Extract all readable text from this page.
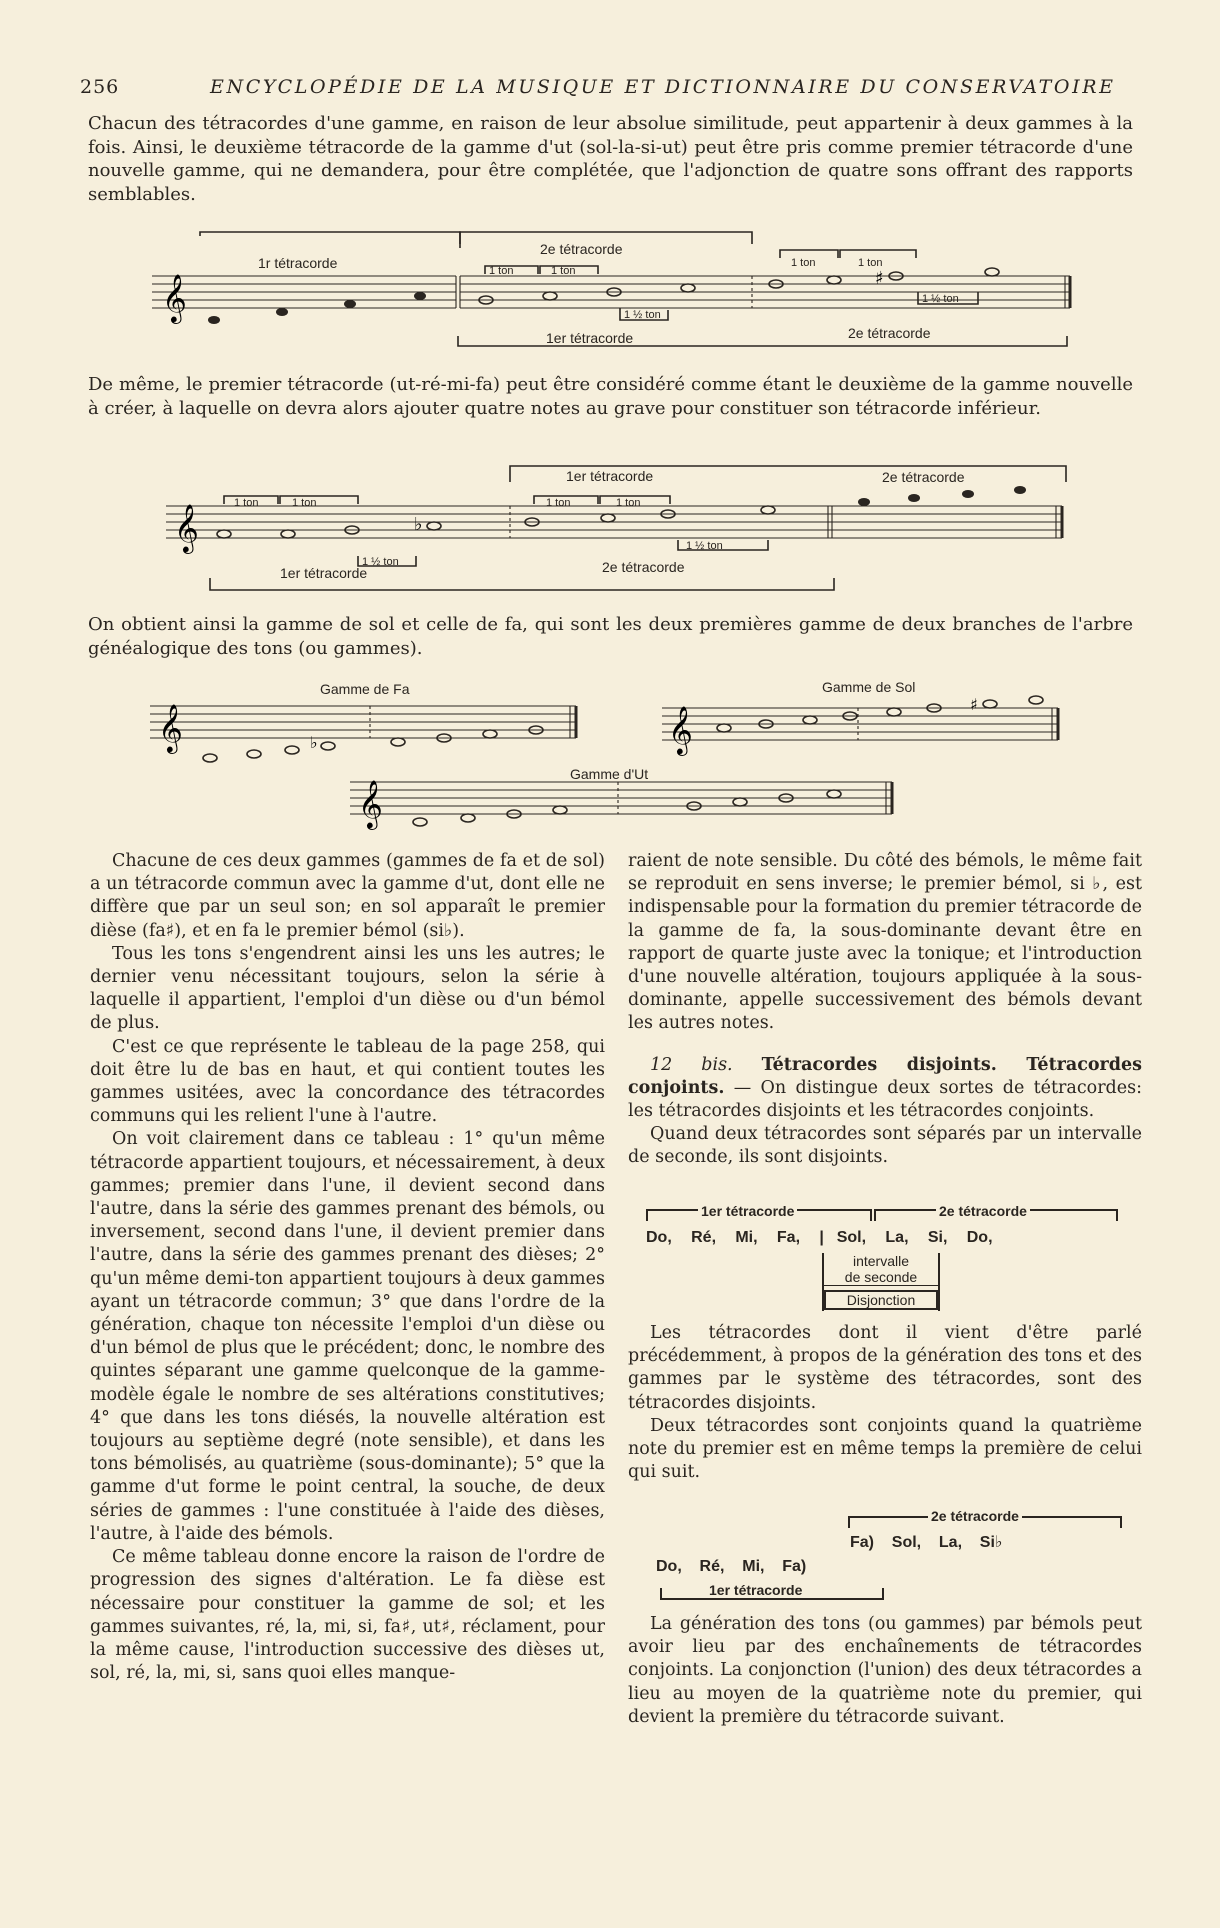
256	ENCYCLOPÉDIE DE LA MUSIQUE ET DICTIONNAIRE DU CONSERVATOIRE
Chacun des tétracordes d'une gamme, en raison de leur absolue similitude, peut appartenir à deux gammes à la fois. Ainsi, le deuxième tétracorde de la gamme d'ut (sol-la-si-ut) peut être pris comme premier tétracorde d'une nouvelle gamme, qui ne demandera, pour être complétée, que l'adjonction de quatre sons offrant des rapports semblables.
1r tétracorde
2e tétracorde
1er tétracorde	2e tétracorde
1 ton	1 ton
1 ton	1 ton
1 ½ ton
1 ½ ton
𝄞	♯
De même, le premier tétracorde (ut-ré-mi-fa) peut être considéré comme étant le deuxième de la gamme nouvelle à créer, à laquelle on devra alors ajouter quatre notes au grave pour constituer son tétracorde inférieur.
1er tétracorde	2e tétracorde
1er tétracorde	2e tétracorde
1 ton	1 ton	1 ton	1 ton
1 ½ ton
1 ½ ton
𝄞	♭
On obtient ainsi la gamme de sol et celle de fa, qui sont les deux premières gamme de deux branches de l'arbre généalogique des tons (ou gammes).
Gamme de Fa
𝄞	♭
Gamme de Sol
𝄞
♯
Gamme d'Ut
𝄞

Chacune de ces deux gammes (gammes de fa et de sol) a un tétracorde commun avec la gamme d'ut, dont elle ne diffère que par un seul son; en sol apparaît le premier dièse (fa♯), et en fa le premier bémol (si♭).

Tous les tons s'engendrent ainsi les uns les autres; le dernier venu nécessitant toujours, selon la série à laquelle il appartient, l'emploi d'un dièse ou d'un bémol de plus.

C'est ce que représente le tableau de la page 258, qui doit être lu de bas en haut, et qui contient toutes les gammes usitées, avec la concordance des tétracordes communs qui les relient l'une à l'autre.

On voit clairement dans ce tableau : 1° qu'un même tétracorde appartient toujours, et nécessairement, à deux gammes; premier dans l'une, il devient second dans l'autre, dans la série des gammes prenant des bémols, ou inversement, second dans l'une, il devient premier dans l'autre, dans la série des gammes prenant des dièses; 2° qu'un même demi-ton appartient toujours à deux gammes ayant un tétracorde commun; 3° que dans l'ordre de la génération, chaque ton nécessite l'emploi d'un dièse ou d'un bémol de plus que le précédent; donc, le nombre des quintes séparant une gamme quelconque de la gamme-modèle égale le nombre de ses altérations constitutives; 4° que dans les tons diésés, la nouvelle altération est toujours au septième degré (note sensible), et dans les tons bémolisés, au quatrième (sous-dominante); 5° que la gamme d'ut forme le point central, la souche, de deux séries de gammes : l'une constituée à l'aide des dièses, l'autre, à l'aide des bémols.

Ce même tableau donne encore la raison de l'ordre de progression des signes d'altération. Le fa dièse est nécessaire pour constituer la gamme de sol; et les gammes suivantes, ré, la, mi, si, fa♯, ut♯, réclament, pour la même cause, l'introduction successive des dièses ut, sol, ré, la, mi, si, sans quoi elles manque-

raient de note sensible. Du côté des bémols, le même fait se reproduit en sens inverse; le premier bémol, si ♭, est indispensable pour la formation du premier tétracorde de la gamme de fa, la sous-dominante devant être en rapport de quarte juste avec la tonique; et l'introduction d'une nouvelle altération, toujours appliquée à la sous-dominante, appelle successivement des bémols devant les autres notes.

12 bis. Tétracordes disjoints. Tétracordes conjoints. — On distingue deux sortes de tétracordes: les tétracordes disjoints et les tétracordes conjoints.

Quand deux tétracordes sont séparés par un intervalle de seconde, ils sont disjoints.

1er tétracorde	2e tétracorde
Do,   Ré,   Mi,   Fa,   |  Sol,   La,   Si,   Do,
intervalle
de seconde
Disjonction

Les tétracordes dont il vient d'être parlé précédemment, à propos de la génération des tons et des gammes par le système des tétracordes, sont des tétracordes disjoints.

Deux tétracordes sont conjoints quand la quatrième note du premier est en même temps la première de celui qui suit.

2e tétracorde
Fa)    Sol,    La,    Si♭
Do,    Ré,    Mi,    Fa)
1er tétracorde

La génération des tons (ou gammes) par bémols peut avoir lieu par des enchaînements de tétracordes conjoints. La conjonction (l'union) des deux tétracordes a lieu au moyen de la quatrième note du premier, qui devient la première du tétracorde suivant.
